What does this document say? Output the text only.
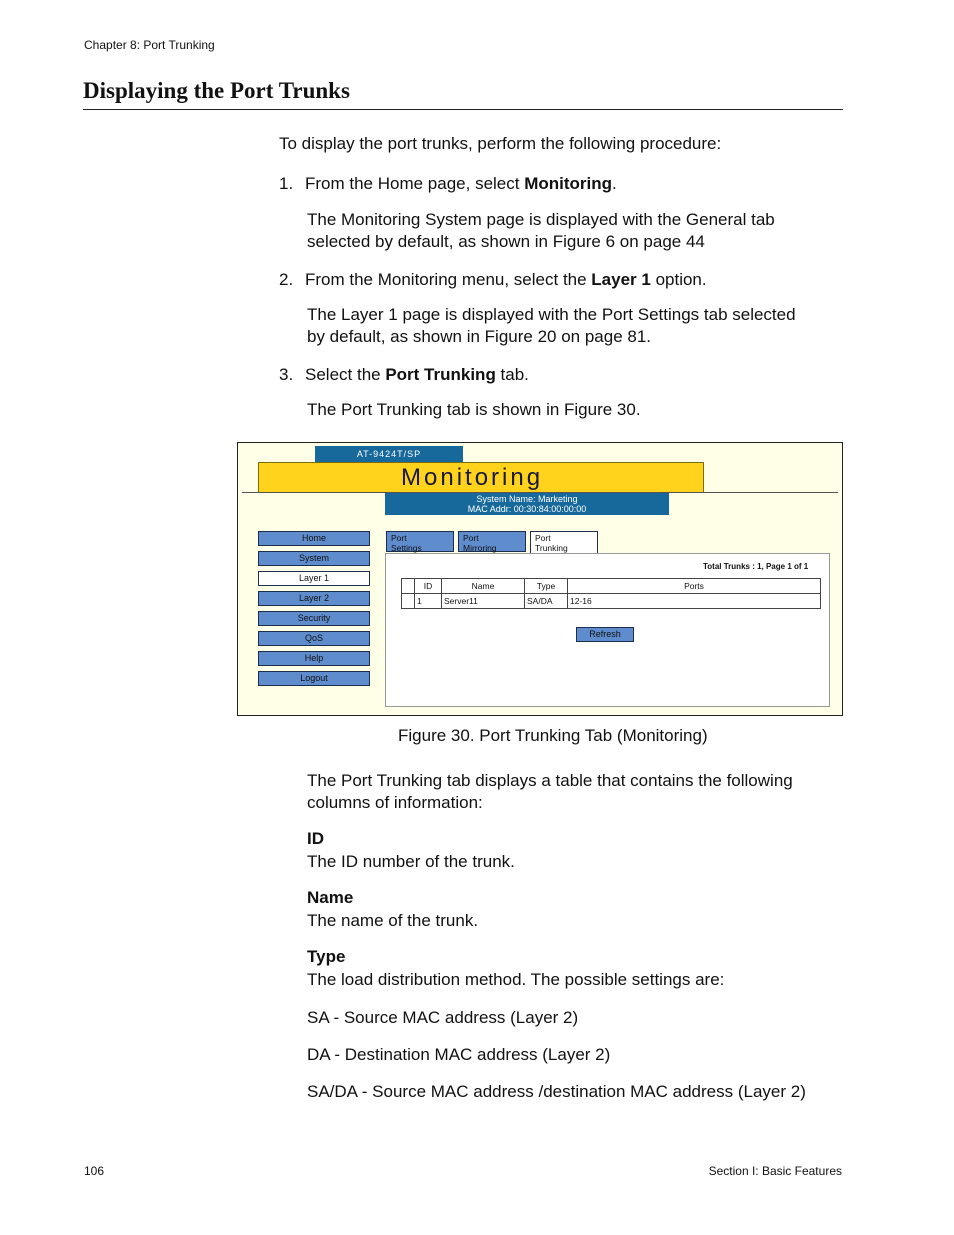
Chapter 8: Port Trunking
Displaying the Port Trunks

To display the port trunks, perform the following procedure:

1. From the Home page, select Monitoring.

The Monitoring System page is displayed with the General tab selected by default, as shown in Figure 6 on page 44

2. From the Monitoring menu, select the Layer 1 option.

The Layer 1 page is displayed with the Port Settings tab selected by default, as shown in Figure 20 on page 81.

3. Select the Port Trunking tab.

The Port Trunking tab is shown in Figure 30.

AT-9424T/SP
Monitoring
System Name: Marketing
MAC Addr: 00:30:84:00:00:00
Home
System
Layer 1
Layer 2
Security
QoS
Help
Logout
Port
Settings
Port
Mirroring
Port
Trunking
Total Trunks : 1, Page 1 of 1
	ID	Name	Type	Ports
	1	Server11	SA/DA	12-16
Refresh
Figure 30. Port Trunking Tab (Monitoring)

The Port Trunking tab displays a table that contains the following columns of information:

ID

The ID number of the trunk.

Name

The name of the trunk.

Type

The load distribution method. The possible settings are:

SA - Source MAC address (Layer 2)

DA - Destination MAC address (Layer 2)

SA/DA - Source MAC address /destination MAC address (Layer 2)

106	Section I: Basic Features
